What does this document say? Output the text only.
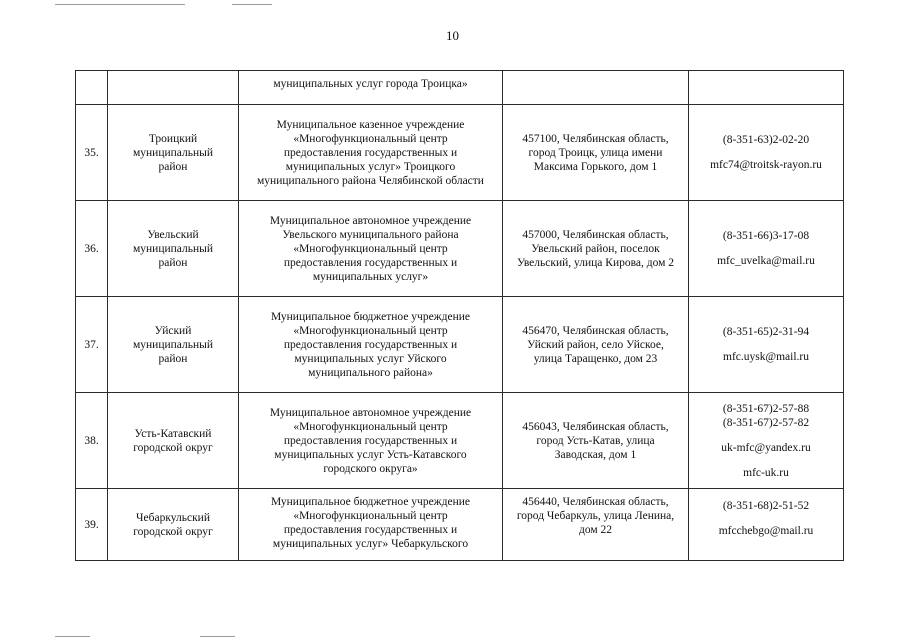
10
		муниципальных услуг города Троицка»		
35.	Троицкий
муниципальный
район	Муниципальное казенное учреждение
«Многофункциональный центр
предоставления государственных и
муниципальных услуг» Троицкого
муниципального района Челябинской области	457100, Челябинская область,
город Троицк, улица имени
Максима Горького, дом 1	(8-351-63)2-02-20
mfc74@troitsk-rayon.ru

36.	Увельский
муниципальный
район	Муниципальное автономное учреждение
Увельского муниципального района
«Многофункциональный центр
предоставления государственных и
муниципальных услуг»	457000, Челябинская область,
Увельский район, поселок
Увельский, улица Кирова, дом 2	(8-351-66)3-17-08
mfc_uvelka@mail.ru

37.	Уйский
муниципальный
район	Муниципальное бюджетное учреждение
«Многофункциональный центр
предоставления государственных и
муниципальных услуг Уйского
муниципального района»	456470, Челябинская область,
Уйский район, село Уйское,
улица Таращенко, дом 23	(8-351-65)2-31-94
mfc.uysk@mail.ru

38.	Усть-Катавский
городской округ	Муниципальное автономное учреждение
«Многофункциональный центр
предоставления государственных и
муниципальных услуг Усть-Катавского
городского округа»	456043, Челябинская область,
город Усть-Катав, улица
Заводская, дом 1	(8-351-67)2-57-88
(8-351-67)2-57-82
uk-mfc@yandex.ru
mfc-uk.ru

39.	Чебаркульский
городской округ	Муниципальное бюджетное учреждение
«Многофункциональный центр
предоставления государственных и
муниципальных услуг» Чебаркульского	456440, Челябинская область,
город Чебаркуль, улица Ленина,
дом 22	(8-351-68)2-51-52
mfcchebgo@mail.ru
